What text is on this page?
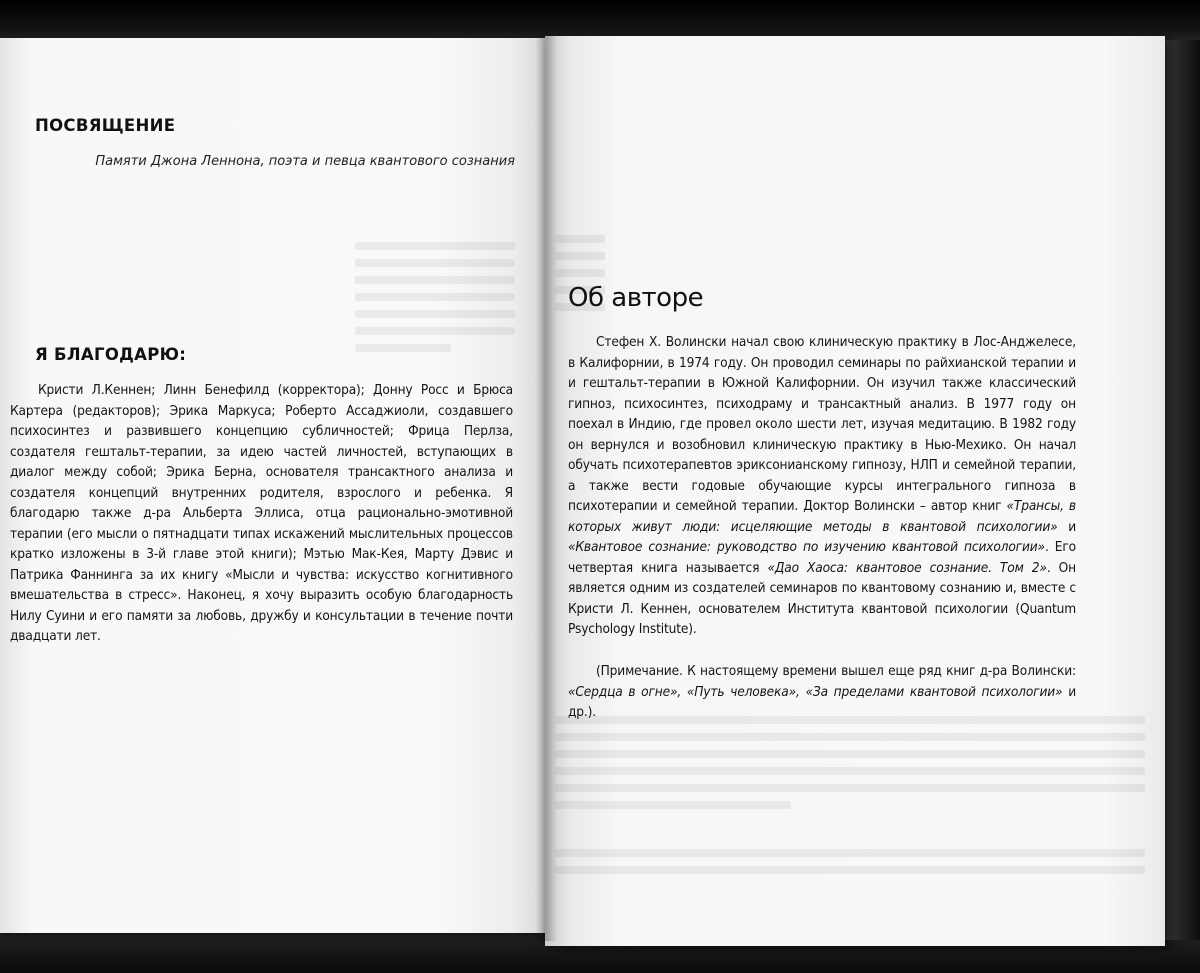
ПОСВЯЩЕНИЕ

Памяти Джона Леннона, поэта и певца квантового сознания

Я БЛАГОДАРЮ:

Кристи Л.Кеннен; Линн Бенефилд (корректора); Донну Росс и Брюса Картера (редакторов); Эрика Маркуса; Роберто Ассаджиоли, создавшего психосинтез и развившего концепцию субличностей; Фрица Перлза, создателя гештальт-терапии, за идею частей личностей, вступающих в диалог между собой; Эрика Берна, основателя трансактного анализа и создателя концепций внутренних родителя, взрослого и ребенка. Я благодарю также д-ра Альберта Эллиса, отца рационально-эмотивной терапии (его мысли о пятнадцати типах искажений мыслительных процессов кратко изложены в 3-й главе этой книги); Мэтью Мак-Кея, Марту Дэвис и Патрика Фаннинга за их книгу «Мысли и чувства: искусство когнитивного вмешательства в стресс». Наконец, я хочу выразить особую благодарность Нилу Суини и его памяти за любовь, дружбу и консультации в течение почти двадцати лет.

Об авторе

Стефен Х. Волински начал свою клиническую практику в Лос-Анджелесе, в Калифорнии, в 1974 году. Он проводил семинары по райхианской терапии и и гештальт-терапии в Южной Калифорнии. Он изучил также классический гипноз, психосинтез, психодраму и трансактный анализ. В 1977 году он поехал в Индию, где провел около шести лет, изучая медитацию. В 1982 году он вернулся и возобновил клиническую практику в Нью-Мехико. Он начал обучать психотерапевтов эриксонианскому гипнозу, НЛП и семейной терапии, а также вести годовые обучающие курсы интегрального гипноза в психотерапии и семейной терапии. Доктор Волински – автор книг «Трансы, в которых живут люди: исцеляющие методы в квантовой психологии» и «Квантовое сознание: руководство по изучению квантовой психологии». Его четвертая книга называется «Дао Хаоса: квантовое сознание. Том 2». Он является одним из создателей семинаров по квантовому сознанию и, вместе с Кристи Л. Кеннен, основателем Института квантовой психологии (Quantum Psychology Institute).

(Примечание. К настоящему времени вышел еще ряд книг д-ра Волински: «Сердца в огне», «Путь человека», «За пределами квантовой психологии» и др.).
